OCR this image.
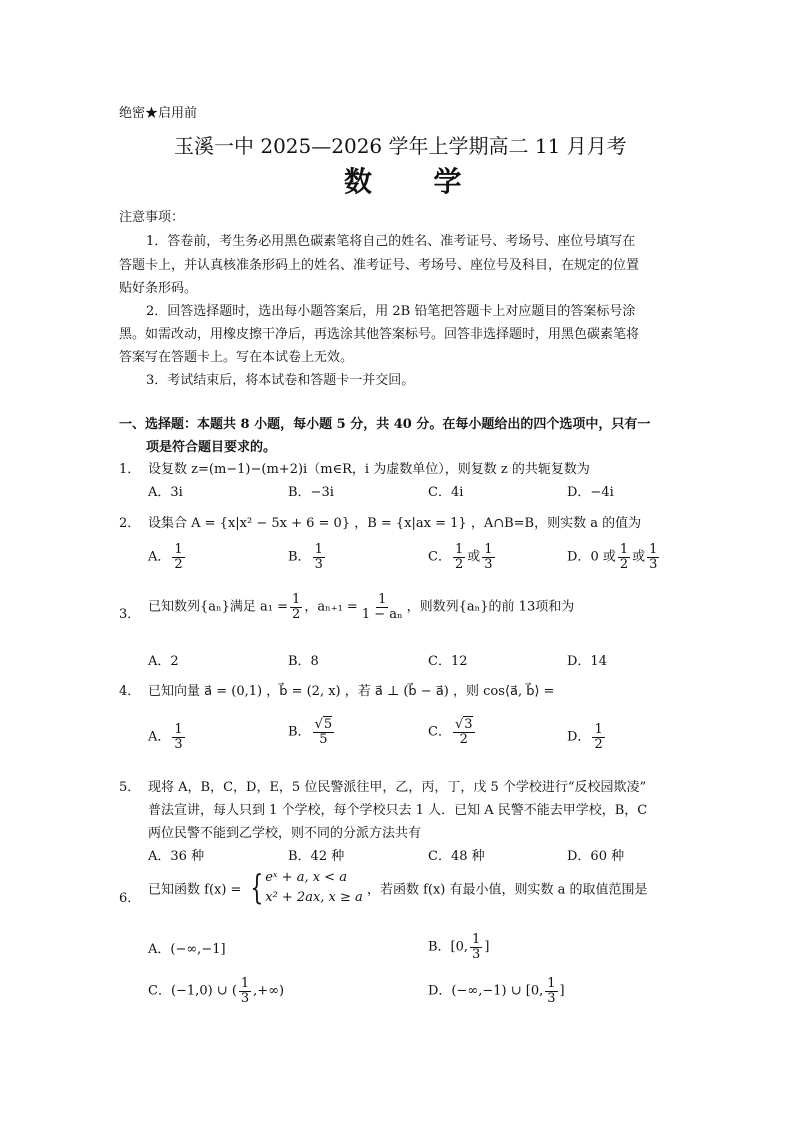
绝密★启用前
玉溪一中 2025—2026 学年上学期高二 11 月月考
数  学
注意事项：
1．答卷前，考生务必用黑色碳素笔将自己的姓名、准考证号、考场号、座位号填写在
答题卡上，并认真核准条形码上的姓名、准考证号、考场号、座位号及科目，在规定的位置
贴好条形码。
2．回答选择题时，选出每小题答案后，用 2B 铅笔把答题卡上对应题目的答案标号涂
黑。如需改动，用橡皮擦干净后，再选涂其他答案标号。回答非选择题时，用黑色碳素笔将
答案写在答题卡上。写在本试卷上无效。
3．考试结束后，将本试卷和答题卡一并交回。
一、选择题：本题共 8 小题，每小题 5 分，共 40 分。在每小题给出的四个选项中，只有一
项是符合题目要求的。
1． 设复数 z=(m−1)−(m+2)i（m∈R，i 为虚数单位），则复数 z 的共轭复数为
A．3i	B．−3i	C．4i	D．−4i
2． 设集合 A = {x|x² − 5x + 6 = 0} ，B = {x|ax = 1} ，A∩B=B，则实数 a 的值为
A． $\frac{1}{2}$	B． $\frac{1}{3}$	C． $\frac{1}{2}$ 或 $\frac{1}{3}$	D．0 或 $\frac{1}{2}$ 或 $\frac{1}{3}$
3． 已知数列{aₙ}满足 $a_1 = \frac{1}{2}$ ，$a_{n+1} = \frac{1}{\text{1 − aₙ}}$ ，则数列{aₙ}的前 13项和为
A．2	B．8	C．12	D．14
4． 已知向量 a⃗ = (0,1) ，b⃗ = (2, x) ，若 a⃗ ⊥ (b⃗ − a⃗) ，则 cos⟨a⃗, b⃗⟩ =
A． $\frac{1}{3}$	B． $\frac{√5}{5}$	C． $\frac{√3}{2}$	D． $\frac{1}{2}$
5． 现将 A，B，C，D，E，5 位民警派往甲，乙，丙，丁，戊 5 个学校进行“反校园欺凌”
普法宣讲，每人只到 1 个学校，每个学校只去 1 人．已知 A 民警不能去甲学校，B，C
两位民警不能到乙学校，则不同的分派方法共有
A．36 种	B．42 种	C．48 种	D．60 种
6．
已知函数 f(x) = { eˣ + a, x < a
x² + 2ax, x ≥ a ，若函数 f(x) 有最小值，则实数 a 的取值范围是
A．(−∞,−1]	B．[0, $\frac{1}{3}$ ]
C．(−1,0) ∪ ( $\frac{1}{3}$ ,+∞)	D．(−∞,−1) ∪ [0, $\frac{1}{3}$ ]
